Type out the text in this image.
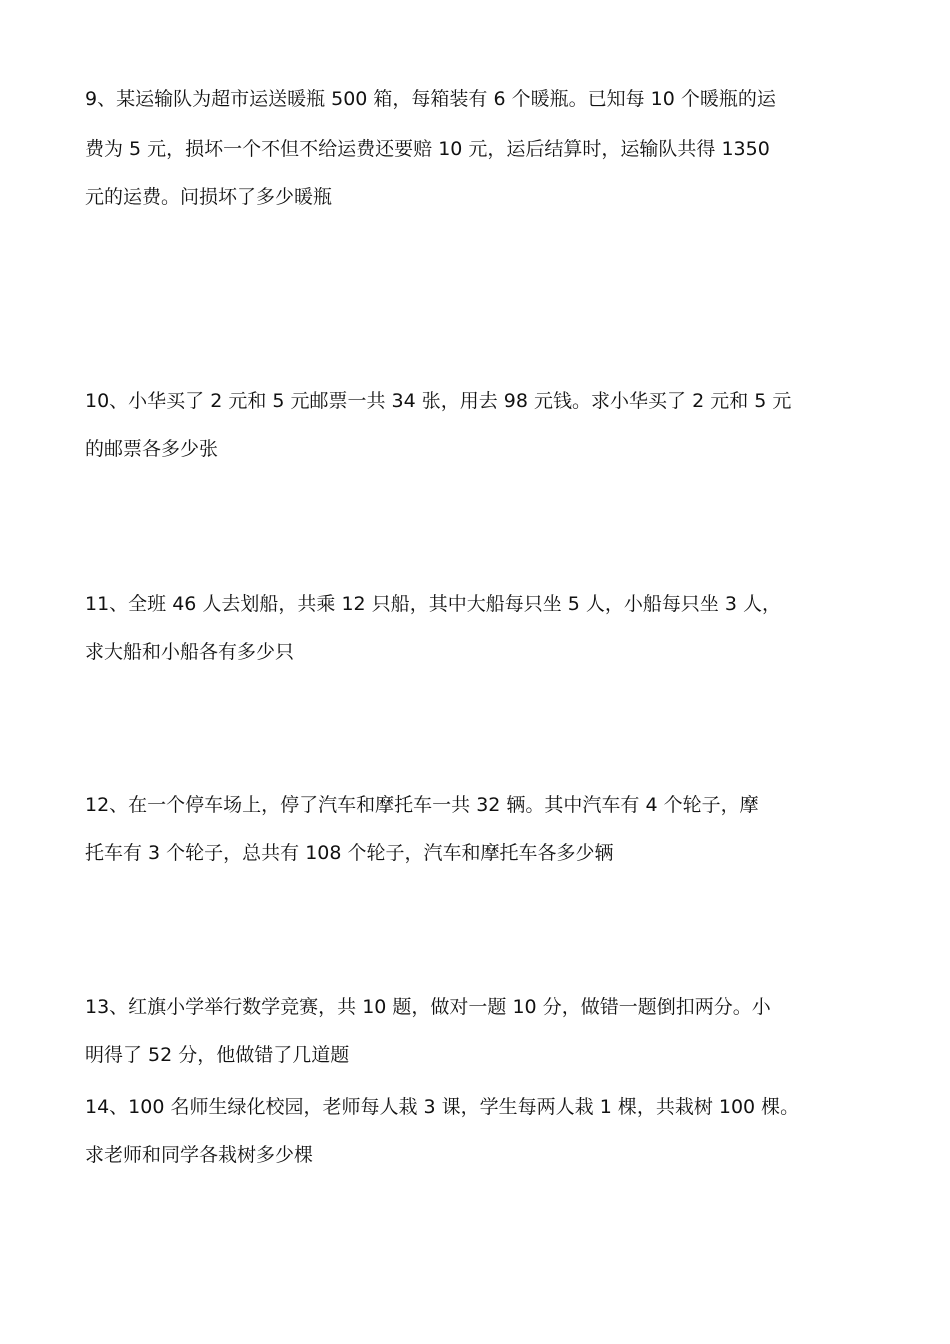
9、某运输队为超市运送暖瓶 500 箱，每箱装有 6 个暖瓶。已知每 10 个暖瓶的运
费为 5 元，损坏一个不但不给运费还要赔 10 元，运后结算时，运输队共得 1350
元的运费。问损坏了多少暖瓶
10、小华买了 2 元和 5 元邮票一共 34 张，用去 98 元钱。求小华买了 2 元和 5 元
的邮票各多少张
11、全班 46 人去划船，共乘 12 只船，其中大船每只坐 5 人，小船每只坐 3 人，
求大船和小船各有多少只
12、在一个停车场上，停了汽车和摩托车一共 32 辆。其中汽车有 4 个轮子，摩
托车有 3 个轮子，总共有 108 个轮子，汽车和摩托车各多少辆
13、红旗小学举行数学竞赛，共 10 题，做对一题 10 分，做错一题倒扣两分。小
明得了 52 分，他做错了几道题
14、100 名师生绿化校园，老师每人栽 3 课，学生每两人栽 1 棵，共栽树 100 棵。
求老师和同学各栽树多少棵
